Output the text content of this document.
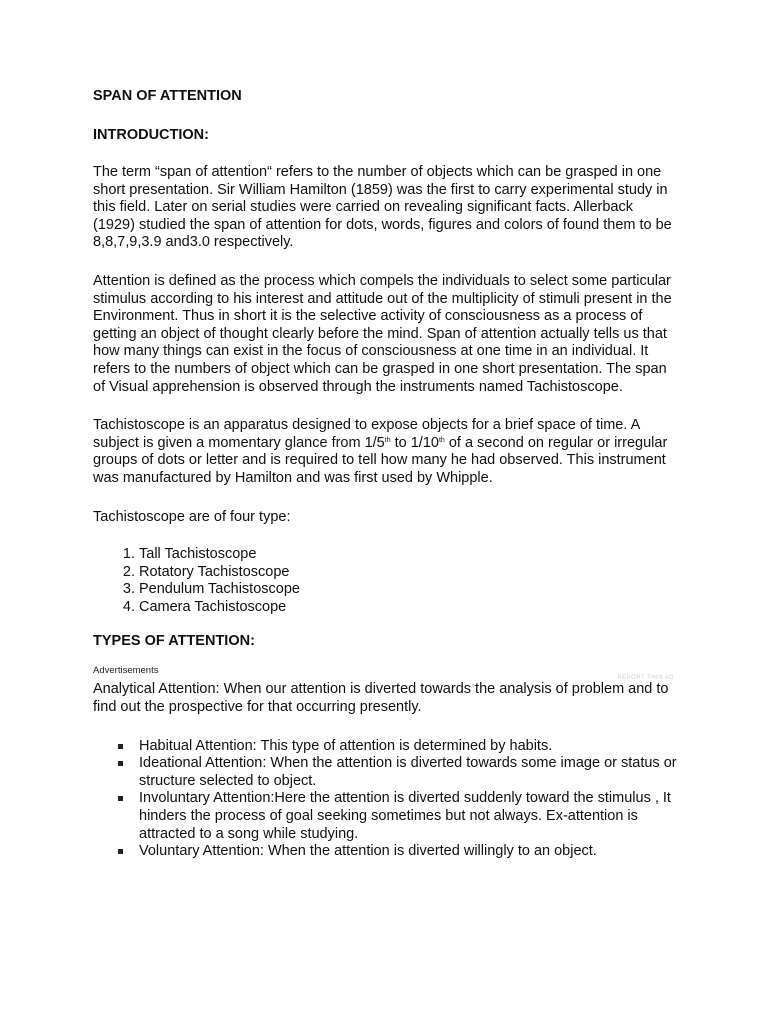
SPAN OF ATTENTION
INTRODUCTION:

The term “span of attention“ refers to the number of objects which can be grasped in one short presentation. Sir William Hamilton (1859) was the first to carry experimental study in this field. Later on serial studies were carried on revealing significant facts. Allerback (1929) studied the span of attention for dots, words, figures and colors of found them to be 8,8,7,9,3.9 and3.0 respectively.

Attention is defined as the process which compels the individuals to select some particular stimulus according to his interest and attitude out of the multiplicity of stimuli present in the Environment. Thus in short it is the selective activity of consciousness as a process of getting an object of thought clearly before the mind. Span of attention actually tells us that how many things can exist in the focus of consciousness at one time in an individual. It refers to the numbers of object which can be grasped in one short presentation. The span of Visual apprehension is observed through the instruments named Tachistoscope.

Tachistoscope is an apparatus designed to expose objects for a brief space of time. A subject is given a momentary glance from 1/5th to 1/10th of a second on regular or irregular groups of dots or letter and is required to tell how many he had observed. This instrument was manufactured by Hamilton and was first used by Whipple.

Tachistoscope are of four type:

1. Tall Tachistoscope
2. Rotatory Tachistoscope
3. Pendulum Tachistoscope
4. Camera Tachistoscope
TYPES OF ATTENTION:
Advertisements
REPORT THIS AD

Analytical Attention: When our attention is diverted towards the analysis of problem and to find out the prospective for that occurring presently.

Habitual Attention: This type of attention is determined by habits.
Ideational Attention: When the attention is diverted towards some image or status or structure selected to object.
Involuntary Attention:Here the attention is diverted suddenly toward the stimulus , It hinders the process of goal seeking sometimes but not always. Ex-attention is attracted to a song while studying.
Voluntary Attention: When the attention is diverted willingly to an object.
